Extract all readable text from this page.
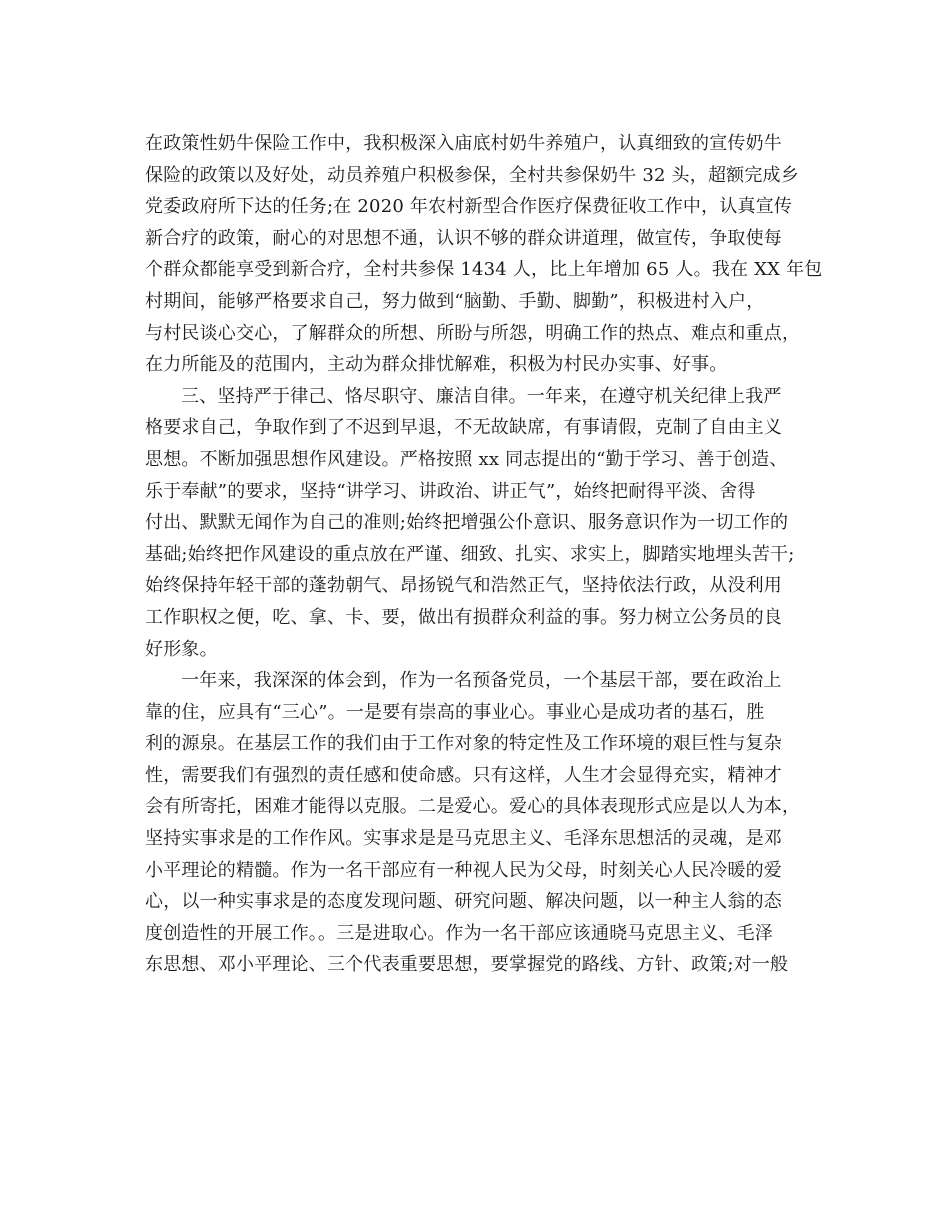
在政策性奶牛保险工作中，我积极深入庙底村奶牛养殖户，认真细致的宣传奶牛
保险的政策以及好处，动员养殖户积极参保，全村共参保奶牛 32 头，超额完成乡
党委政府所下达的任务;在 2020 年农村新型合作医疗保费征收工作中，认真宣传
新合疗的政策，耐心的对思想不通，认识不够的群众讲道理，做宣传，争取使每
个群众都能享受到新合疗，全村共参保 1434 人，比上年增加 65 人。我在 XX 年包
村期间，能够严格要求自己，努力做到“脑勤、手勤、脚勤”，积极进村入户，
与村民谈心交心，了解群众的所想、所盼与所怨，明确工作的热点、难点和重点，
在力所能及的范围内，主动为群众排忧解难，积极为村民办实事、好事。
三、坚持严于律己、恪尽职守、廉洁自律。一年来，在遵守机关纪律上我严
格要求自己，争取作到了不迟到早退，不无故缺席，有事请假，克制了自由主义
思想。不断加强思想作风建设。严格按照 xx 同志提出的“勤于学习、善于创造、
乐于奉献”的要求，坚持“讲学习、讲政治、讲正气”，始终把耐得平淡、舍得
付出、默默无闻作为自己的准则;始终把增强公仆意识、服务意识作为一切工作的
基础;始终把作风建设的重点放在严谨、细致、扎实、求实上，脚踏实地埋头苦干;
始终保持年轻干部的蓬勃朝气、昂扬锐气和浩然正气，坚持依法行政，从没利用
工作职权之便，吃、拿、卡、要，做出有损群众利益的事。努力树立公务员的良
好形象。
一年来，我深深的体会到，作为一名预备党员，一个基层干部，要在政治上
靠的住，应具有“三心”。一是要有崇高的事业心。事业心是成功者的基石，胜
利的源泉。在基层工作的我们由于工作对象的特定性及工作环境的艰巨性与复杂
性，需要我们有强烈的责任感和使命感。只有这样，人生才会显得充实，精神才
会有所寄托，困难才能得以克服。二是爱心。爱心的具体表现形式应是以人为本，
坚持实事求是的工作作风。实事求是是马克思主义、毛泽东思想活的灵魂，是邓
小平理论的精髓。作为一名干部应有一种视人民为父母，时刻关心人民冷暖的爱
心，以一种实事求是的态度发现问题、研究问题、解决问题，以一种主人翁的态
度创造性的开展工作。。三是进取心。作为一名干部应该通晓马克思主义、毛泽
东思想、邓小平理论、三个代表重要思想，要掌握党的路线、方针、政策;对一般
